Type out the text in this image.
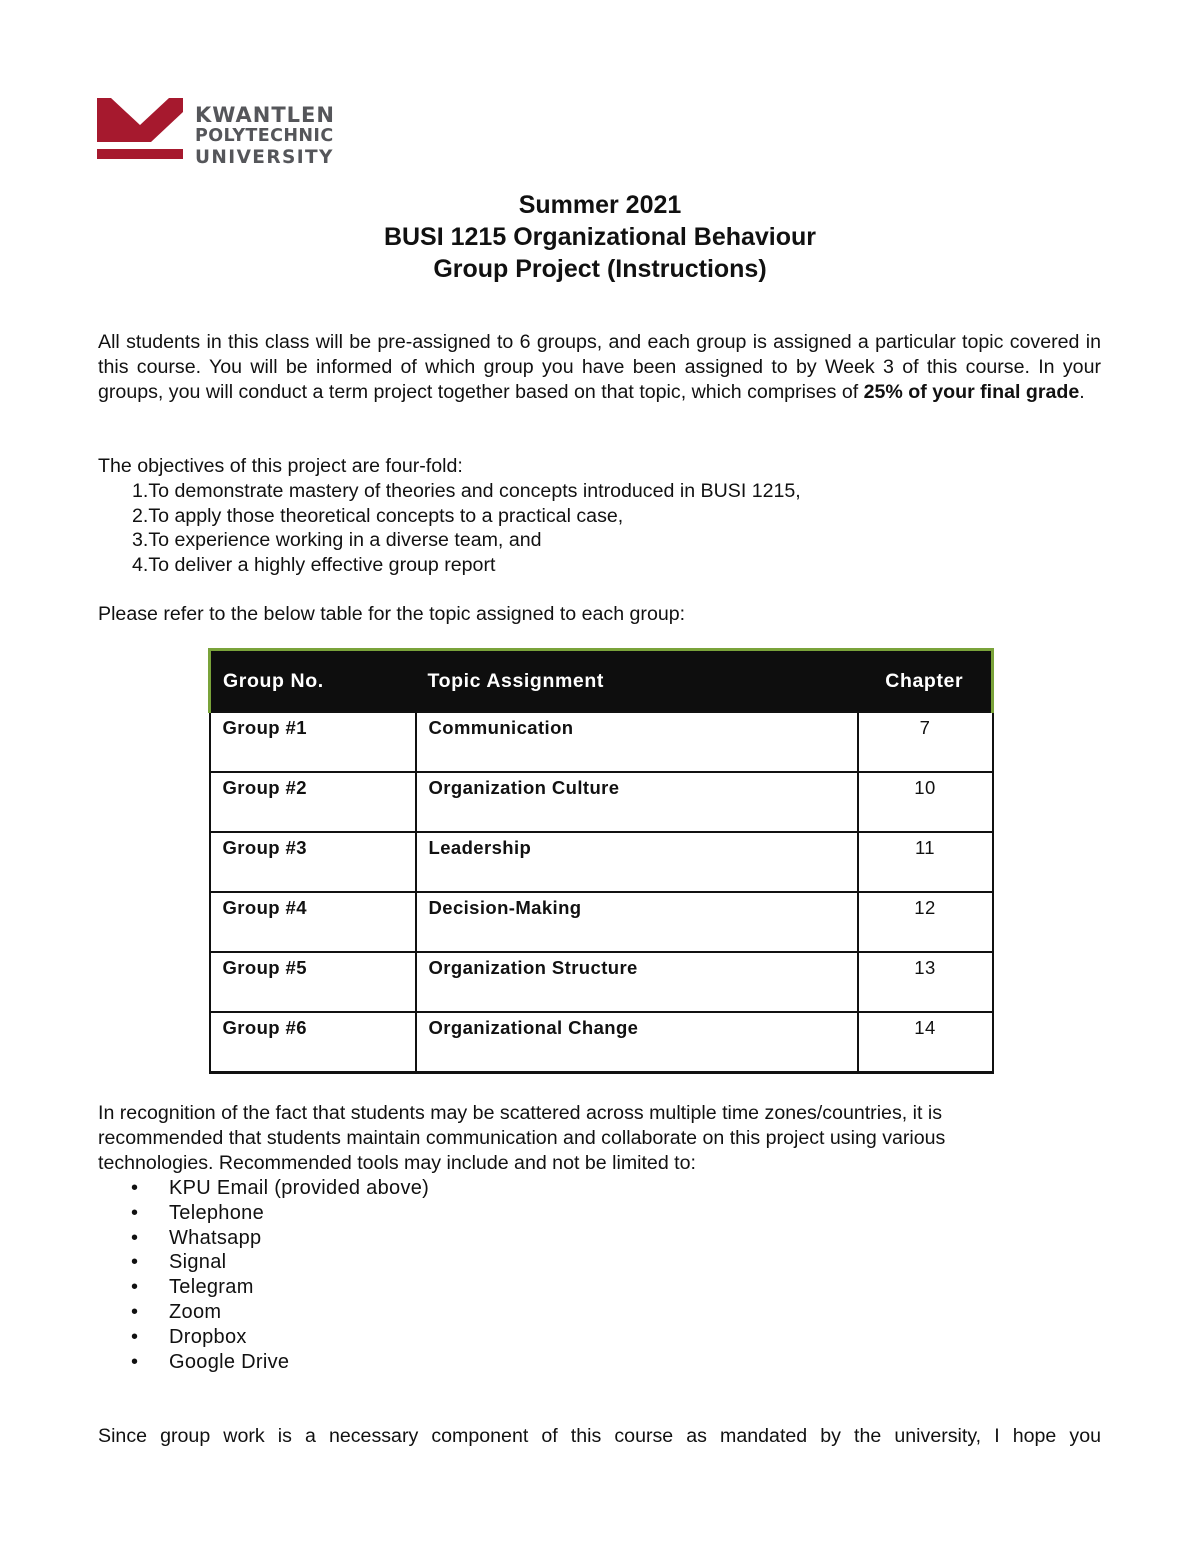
KWANTLEN
POLYTECHNIC
UNIVERSITY
Summer 2021
BUSI 1215 Organizational Behaviour
Group Project (Instructions)

All students in this class will be pre-assigned to 6 groups, and each group is assigned a particular topic covered in this course. You will be informed of which group you have been assigned to by Week 3 of this course. In your groups, you will conduct a term project together based on that topic, which comprises of 25% of your final grade.

The objectives of this project are four-fold:

1.To demonstrate mastery of theories and concepts introduced in BUSI 1215,
2.To apply those theoretical concepts to a practical case,
3.To experience working in a diverse team, and
4.To deliver a highly effective group report

Please refer to the below table for the topic assigned to each group:

Group No.	Topic Assignment	Chapter
Group #1	Communication	7
Group #2	Organization Culture	10
Group #3	Leadership	11
Group #4	Decision-Making	12
Group #5	Organization Structure	13
Group #6	Organizational Change	14

In recognition of the fact that students may be scattered across multiple time zones/countries, it is recommended that students maintain communication and collaborate on this project using various technologies. Recommended tools may include and not be limited to:

• KPU Email (provided above)
• Telephone
• Whatsapp
• Signal
• Telegram
• Zoom
• Dropbox
• Google Drive

Since group work is a necessary component of this course as mandated by the university, I hope you
